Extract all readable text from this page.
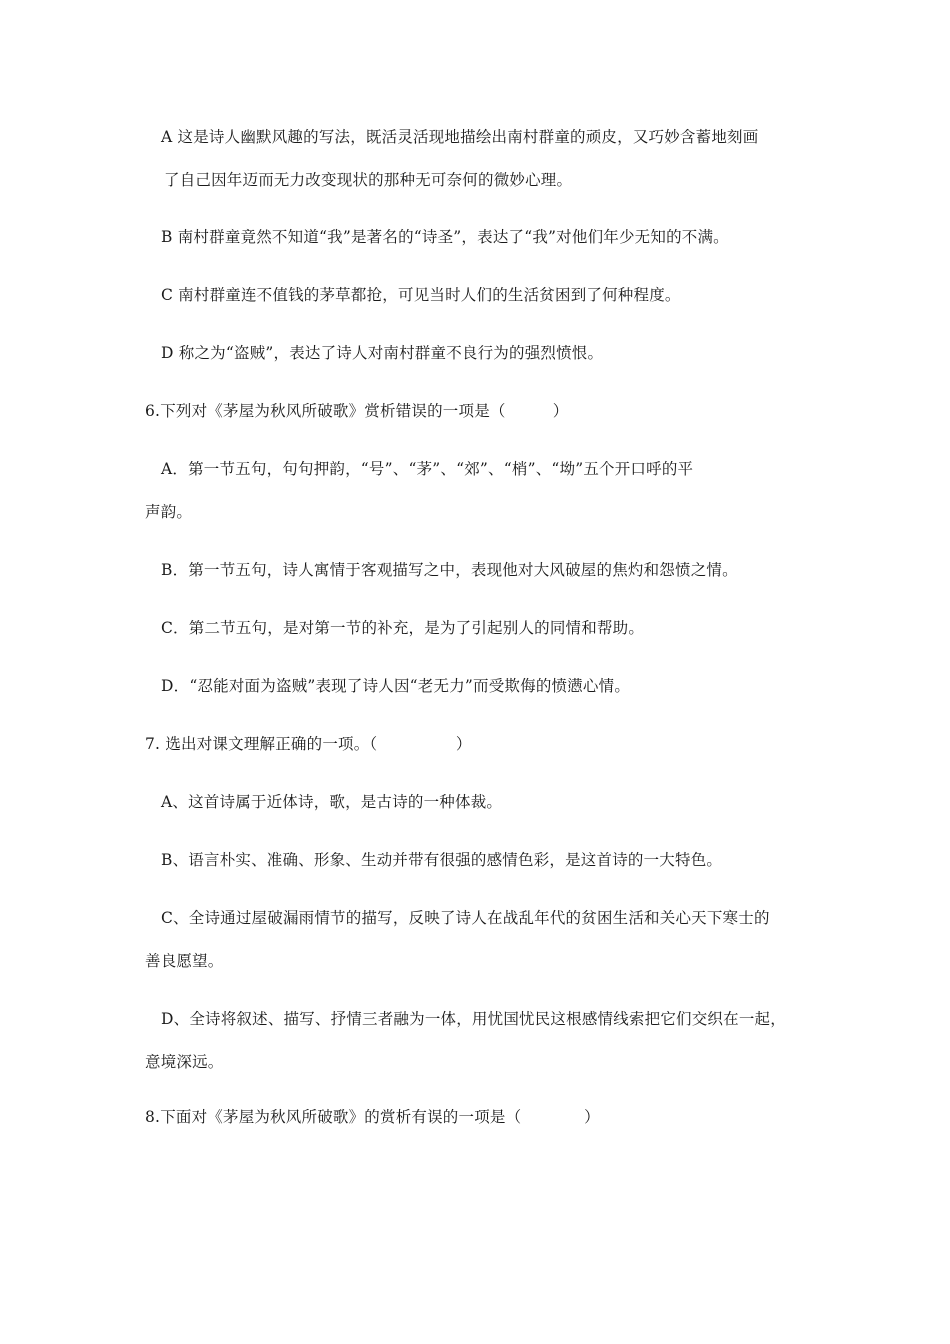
A 这是诗人幽默风趣的写法，既活灵活现地描绘出南村群童的顽皮，又巧妙含蓄地刻画
了自己因年迈而无力改变现状的那种无可奈何的微妙心理。
B 南村群童竟然不知道“我”是著名的“诗圣”，表达了“我”对他们年少无知的不满。
C 南村群童连不值钱的茅草都抢，可见当时人们的生活贫困到了何种程度。
D 称之为“盗贼”，表达了诗人对南村群童不良行为的强烈愤恨。
6.下列对《茅屋为秋风所破歌》赏析错误的一项是（　　　）
A．第一节五句，句句押韵，“号”、“茅”、“郊”、“梢”、“坳”五个开口呼的平
声韵。
B．第一节五句，诗人寓情于客观描写之中，表现他对大风破屋的焦灼和怨愤之情。
C．第二节五句，是对第一节的补充，是为了引起别人的同情和帮助。
D．“忍能对面为盗贼”表现了诗人因“老无力”而受欺侮的愤懑心情。
7. 选出对课文理解正确的一项。（　　　　　）
A、这首诗属于近体诗，歌，是古诗的一种体裁。
B、语言朴实、准确、形象、生动并带有很强的感情色彩，是这首诗的一大特色。
C、全诗通过屋破漏雨情节的描写，反映了诗人在战乱年代的贫困生活和关心天下寒士的
善良愿望。
D、全诗将叙述、描写、抒情三者融为一体，用忧国忧民这根感情线索把它们交织在一起，
意境深远。
8.下面对《茅屋为秋风所破歌》的赏析有误的一项是（　　　　）
